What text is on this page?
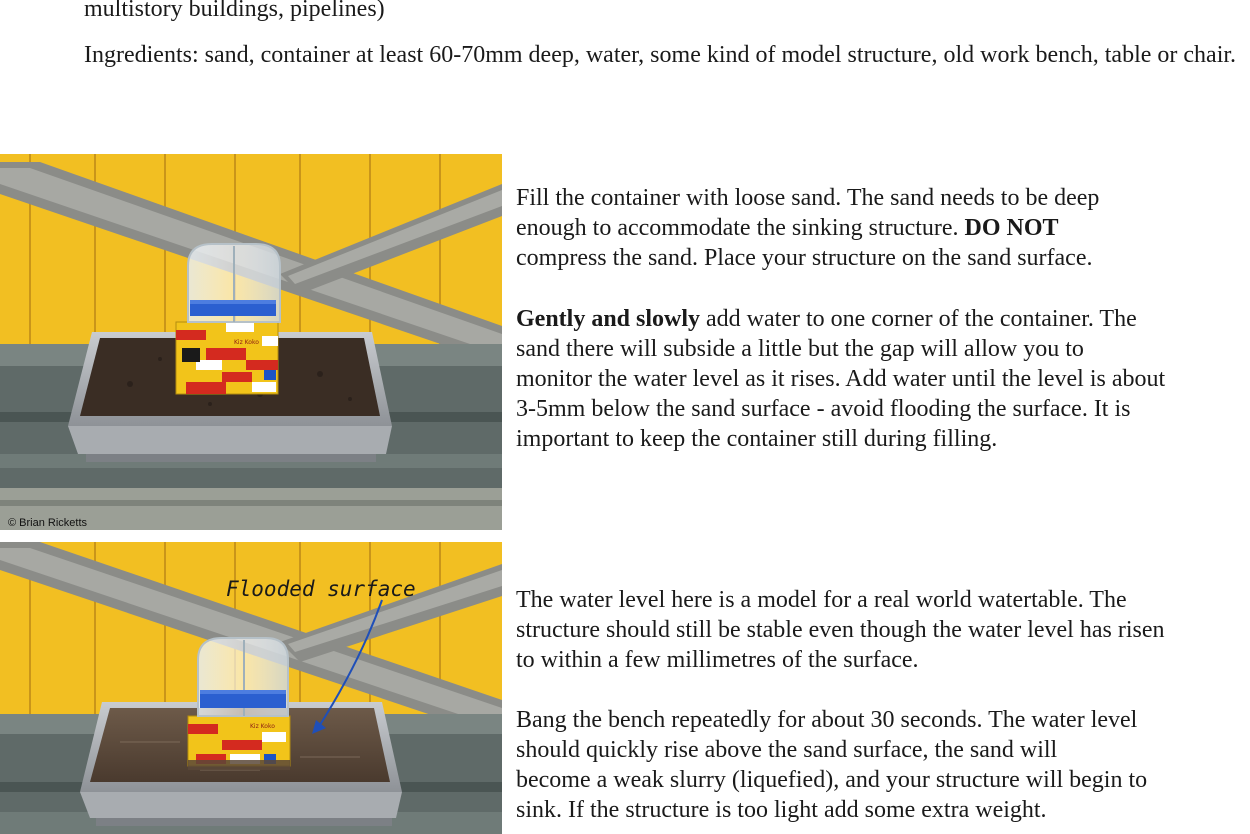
multistory buildings, pipelines)
Ingredients: sand, container at least 60-70mm deep, water, some kind of model structure, old work bench, table or chair.
Kiz Koko
© Brian Ricketts
Kiz Koko
Flooded surface

Fill the container with loose sand. The sand needs to be deep
enough to accommodate the sinking structure. DO NOT
compress the sand. Place your structure on the sand surface.

Gently and slowly add water to one corner of the container. The
sand there will subside a little but the gap will allow you to
monitor the water level as it rises. Add water until the level is about
3-5mm below the sand surface - avoid flooding the surface. It is
important to keep the container still during filling.

The water level here is a model for a real world watertable. The
structure should still be stable even though the water level has risen
to within a few millimetres of the surface.

Bang the bench repeatedly for about 30 seconds. The water level
should quickly rise above the sand surface, the sand will
become a weak slurry (liquefied), and your structure will begin to
sink. If the structure is too light add some extra weight.
